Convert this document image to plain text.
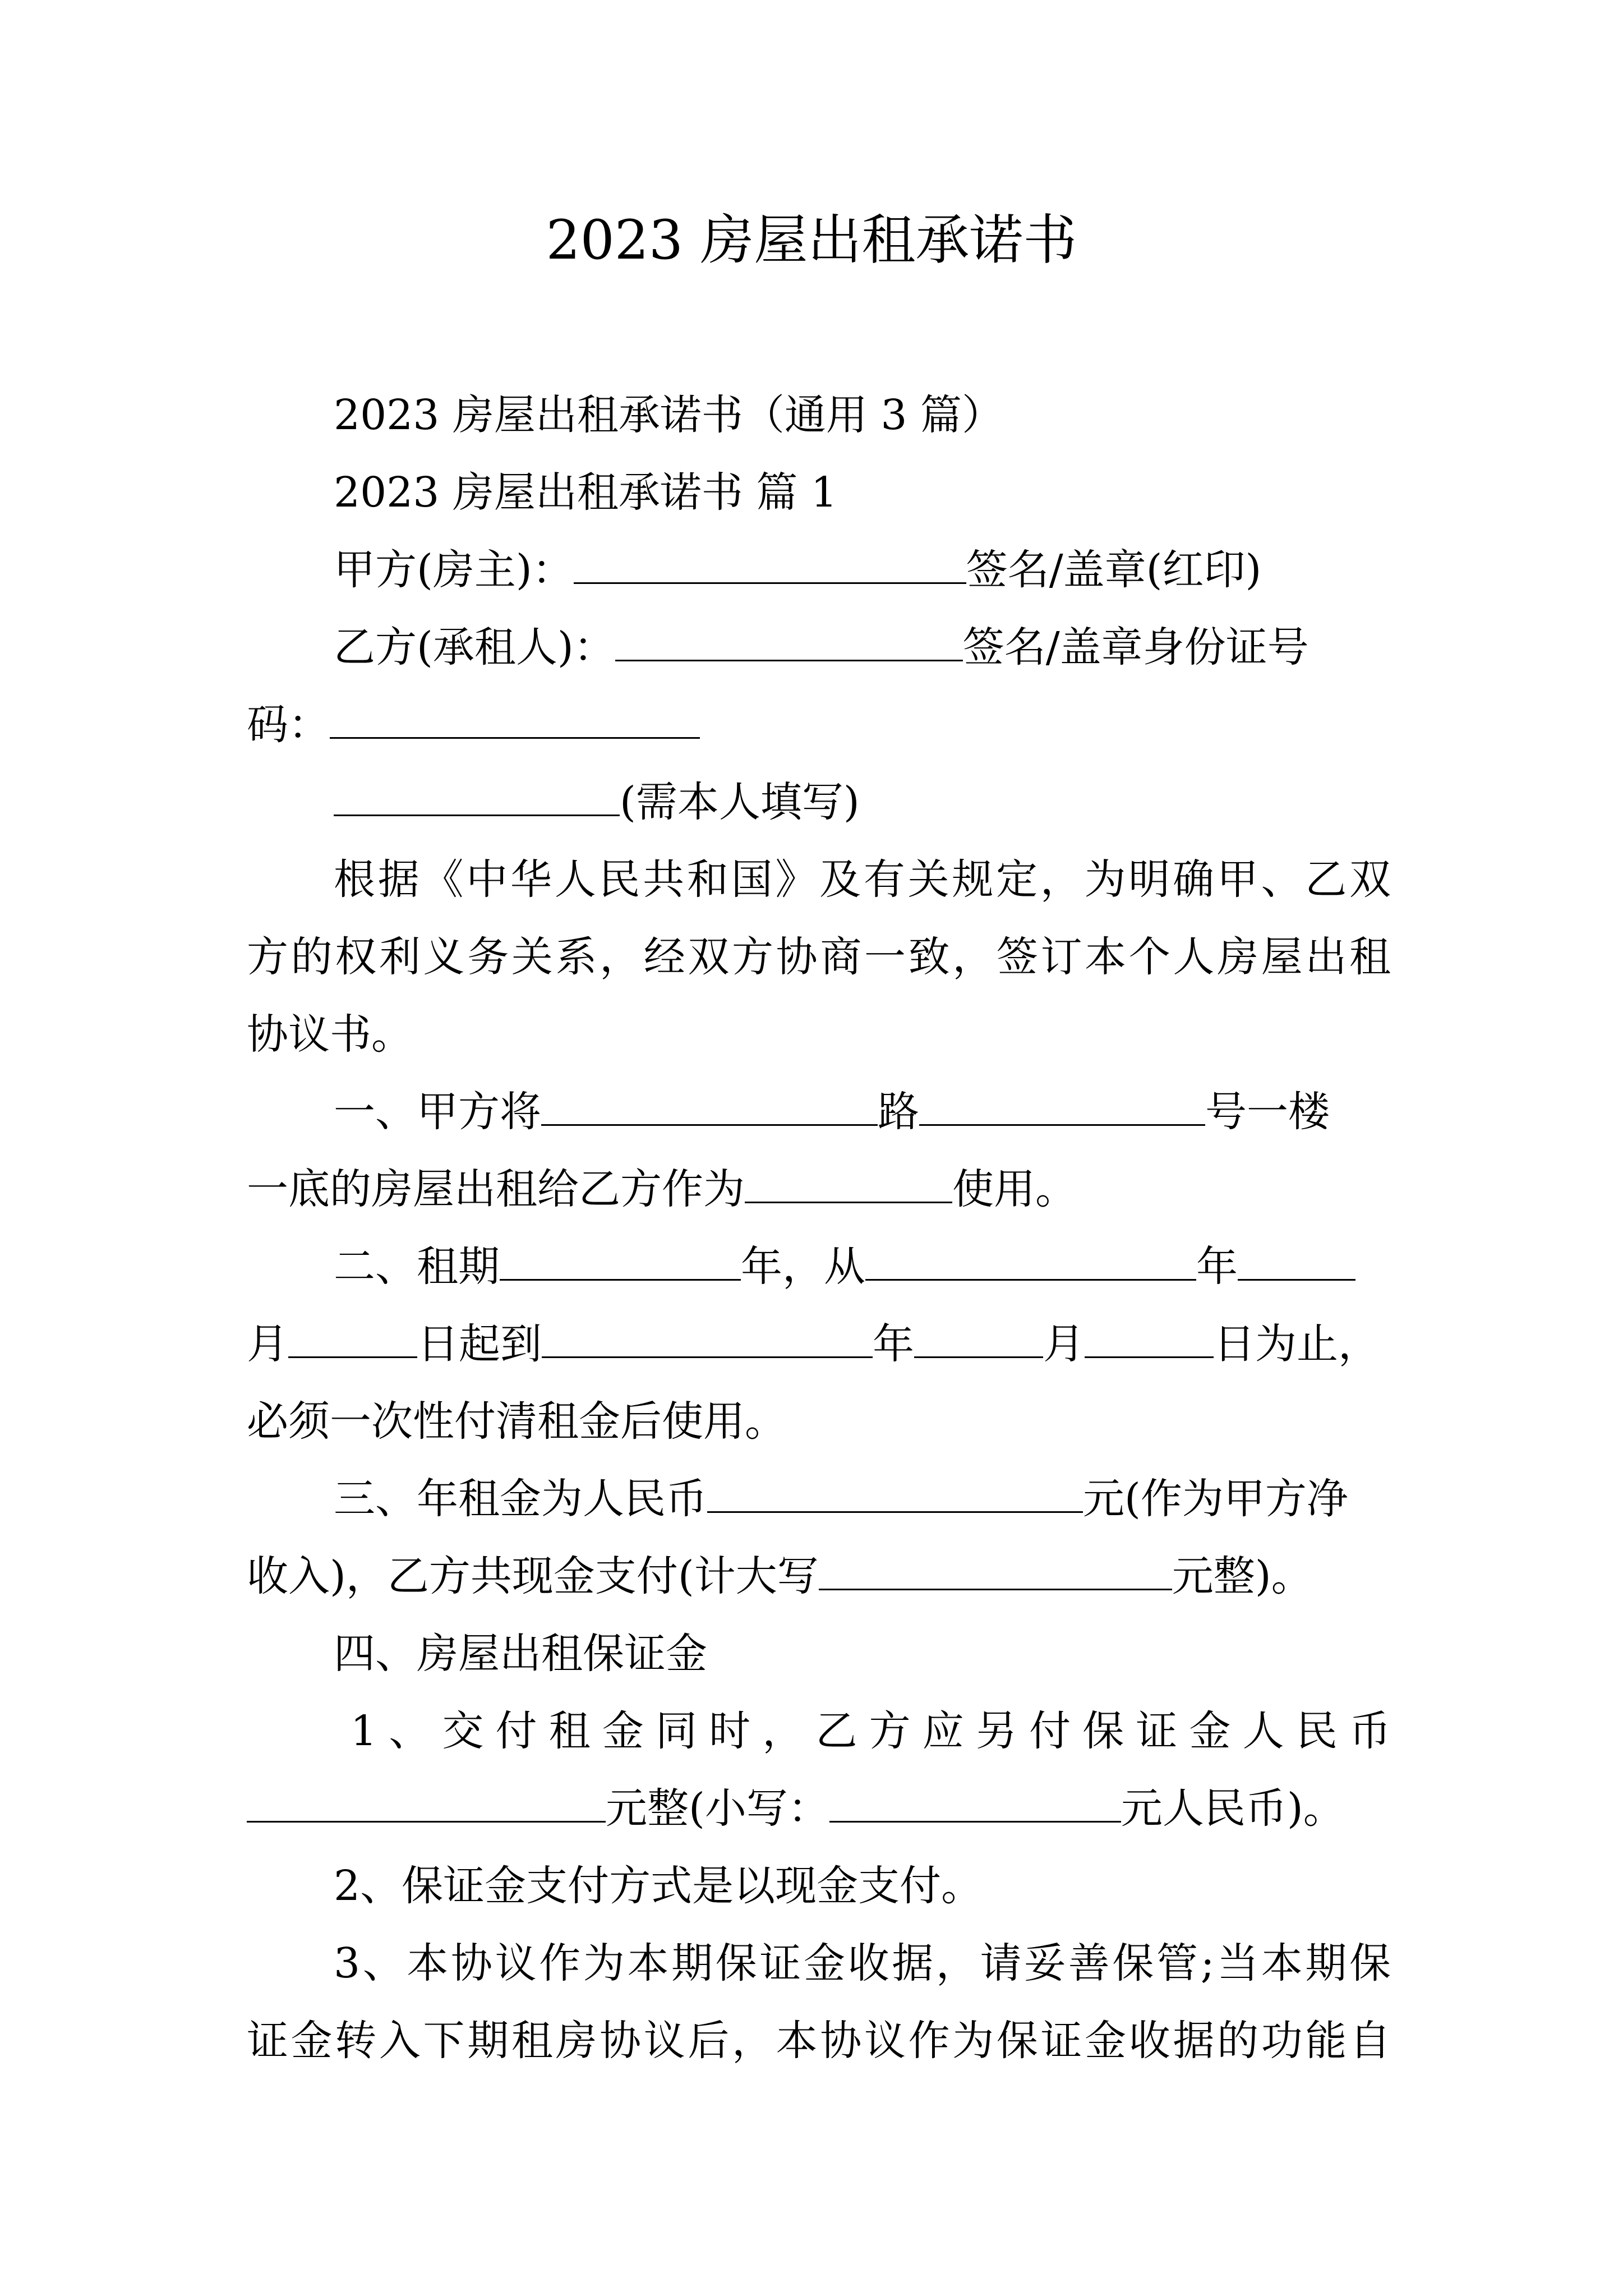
2023 房屋出租承诺书
2023 房屋出租承诺书（通用 3 篇）
2023 房屋出租承诺书 篇 1
甲方(房主)：	签名/盖章(红印)
乙方(承租人)：	签名/盖章身份证号
码：
(需本人填写)
根据《中华人民共和国》及有关规定，为明确甲、乙双
方的权利义务关系，经双方协商一致，签订本个人房屋出租
协议书。
一、甲方将	路	号一楼
一底的房屋出租给乙方作为	使用。
二、租期	年，从	年
月	日起到	年	月	日为止，
必须一次性付清租金后使用。
三、年租金为人民币	元(作为甲方净
收入)，乙方共现金支付(计大写	元整)。
四、房屋出租保证金
1、交付租金同时，乙方应另付保证金人民币
元整(小写：	元人民币)。
2、保证金支付方式是以现金支付。
3、本协议作为本期保证金收据，请妥善保管;当本期保
证金转入下期租房协议后，本协议作为保证金收据的功能自
